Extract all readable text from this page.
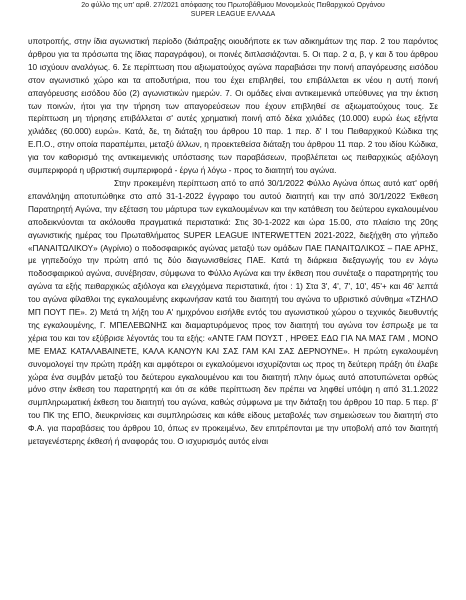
2ο φύλλο της υπ' αριθ. 27/2021 απόφασης του Πρωτοβάθμιου Μονομελούς Πειθαρχικού Οργάνου
SUPER LEAGUE ΕΛΛΑΔΑ

υποτροπής, στην ίδια αγωνιστική περίοδο (διάπραξης οιουδήποτε εκ των αδικημάτων της παρ. 2 του παρόντος άρθρου για τα πρόσωπα της ίδιας παραγράφου), οι ποινές διπλασιάζονται. 5. Οι παρ. 2 α, β, γ και δ του άρθρου 10 ισχύουν αναλόγως. 6. Σε περίπτωση που αξιωματούχος αγώνα παραβιάσει την ποινή απαγόρευσης εισόδου στον αγωνιστικό χώρο και τα αποδυτήρια, που του έχει επιβληθεί, του επιβάλλεται εκ νέου η αυτή ποινή απαγόρευσης εισόδου δύο (2) αγωνιστικών ημερών. 7. Οι ομάδες είναι αντικειμενικά υπεύθυνες για την έκτιση των ποινών, ήτοι για την τήρηση των απαγορεύσεων που έχουν επιβληθεί σε αξιωματούχους τους. Σε περίπτωση μη τήρησης επιβάλλεται σ' αυτές χρηματική ποινή από δέκα χιλιάδες (10.000) ευρώ έως εξήντα χιλιάδες (60.000) ευρώ». Κατά, δε, τη διάταξη του άρθρου 10 παρ. 1 περ. δ' Ι του Πειθαρχικού Κώδικα της Ε.Π.Ο., στην οποία παραπέμπει, μεταξύ άλλων, η προεκτεθείσα διάταξη του άρθρου 11 παρ. 2 του ιδίου Κώδικα, για τον καθορισμό της αντικειμενικής υπόστασης των παραβάσεων, προβλέπεται ως πειθαρχικώς αξιόλογη συμπεριφορά η υβριστική συμπεριφορά - έργω ή λόγω - προς το διαιτητή του αγώνα.

Στην προκειμένη περίπτωση από το από 30/1/2022 Φύλλο Αγώνα όπως αυτό κατ' ορθή επανάληψη αποτυπώθηκε στο από 31-1-2022 έγγραφο του αυτού διαιτητή και την από 30/1/2022 Έκθεση Παρατηρητή Αγώνα, την εξέταση του μάρτυρα των εγκαλουμένων και την κατάθεση του δεύτερου εγκαλουμένου αποδεικνύονται τα ακόλουθα πραγματικά περιστατικά: Στις 30-1-2022 και ώρα 15.00, στο πλαίσιο της 20ης αγωνιστικής ημέρας του Πρωταθλήματος SUPER LEAGUE INTERWETTEN 2021-2022, διεξήχθη στο γήπεδο «ΠΑΝΑΙΤΩΛΙΚΟΥ» (Αγρίνιο) ο ποδοσφαιρικός αγώνας μεταξύ των ομάδων ΠΑΕ ΠΑΝΑΙΤΩΛΙΚΟΣ – ΠΑΕ ΑΡΗΣ, με γηπεδούχο την πρώτη από τις δύο διαγωνισθείσες ΠΑΕ. Κατά τη διάρκεια διεξαγωγής του εν λόγω ποδοσφαιρικού αγώνα, συνέβησαν, σύμφωνα το Φύλλο Αγώνα και την έκθεση που συνέταξε ο παρατηρητής του αγώνα τα εξής πειθαρχικώς αξιόλογα και ελεγχόμενα περιστατικά, ήτοι : 1) Στα 3', 4', 7', 10', 45'+ και 46' λεπτά του αγώνα φίλαθλοι της εγκαλουμένης εκφωνήσαν κατά του διαιτητή του αγώνα το υβριστικό σύνθημα «ΤΖΗΛΟ ΜΠ ΠΟΥΤ ΠΕ». 2) Μετά τη λήξη του Α' ημιχρόνου εισήλθε εντός του αγωνιστικού χώρου ο τεχνικός διευθυντής της εγκαλουμένης, Γ. ΜΠΕΛΕΒΩΝΗΣ και διαμαρτυρόμενος προς τον διαιτητή του αγώνα τον έσπρωξε με τα χέρια του και τον εξύβρισε λέγοντάς του τα εξής: «ΑΝΤΕ ΓΑΜ ΠΟΥΣΤ , ΗΡΘΕΣ ΕΔΩ ΓΙΑ ΝΑ ΜΑΣ ΓΑΜ , ΜΟΝΟ ΜΕ ΕΜΑΣ ΚΑΤΑΛΑΒΑΙΝΕΤΕ, ΚΑΛΑ ΚΑΝΟΥΝ ΚΑΙ ΣΑΣ ΓΑΜ ΚΑΙ ΣΑΣ ΔΕΡΝΟΥΝΕ». Η πρώτη εγκαλουμένη συνομολογεί την πρώτη πράξη και αμφότεροι οι εγκαλούμενοι ισχυρίζονται ως προς τη δεύτερη πράξη ότι έλαβε χώρα ένα συμβάν μεταξύ του δεύτερου εγκαλουμένου και του διαιτητή πλην όμως αυτό αποτυπώνεται ορθώς μόνο στην έκθεση του παρατηρητή και ότι σε κάθε περίπτωση δεν πρέπει να ληφθεί υπόψη η από 31.1.2022 συμπληρωματική έκθεση του διαιτητή του αγώνα, καθώς σύμφωνα με την διάταξη του άρθρου 10 παρ. 5 περ. β' του ΠΚ της ΕΠΟ, διευκρινίσεις και συμπληρώσεις και κάθε είδους μεταβολές των σημειώσεων του διαιτητή στο Φ.Α. για παραβάσεις του άρθρου 10, όπως εν προκειμένω, δεν επιτρέπονται με την υποβολή από τον διαιτητή μεταγενέστερης έκθεσή ή αναφοράς του. Ο ισχυρισμός αυτός είναι
